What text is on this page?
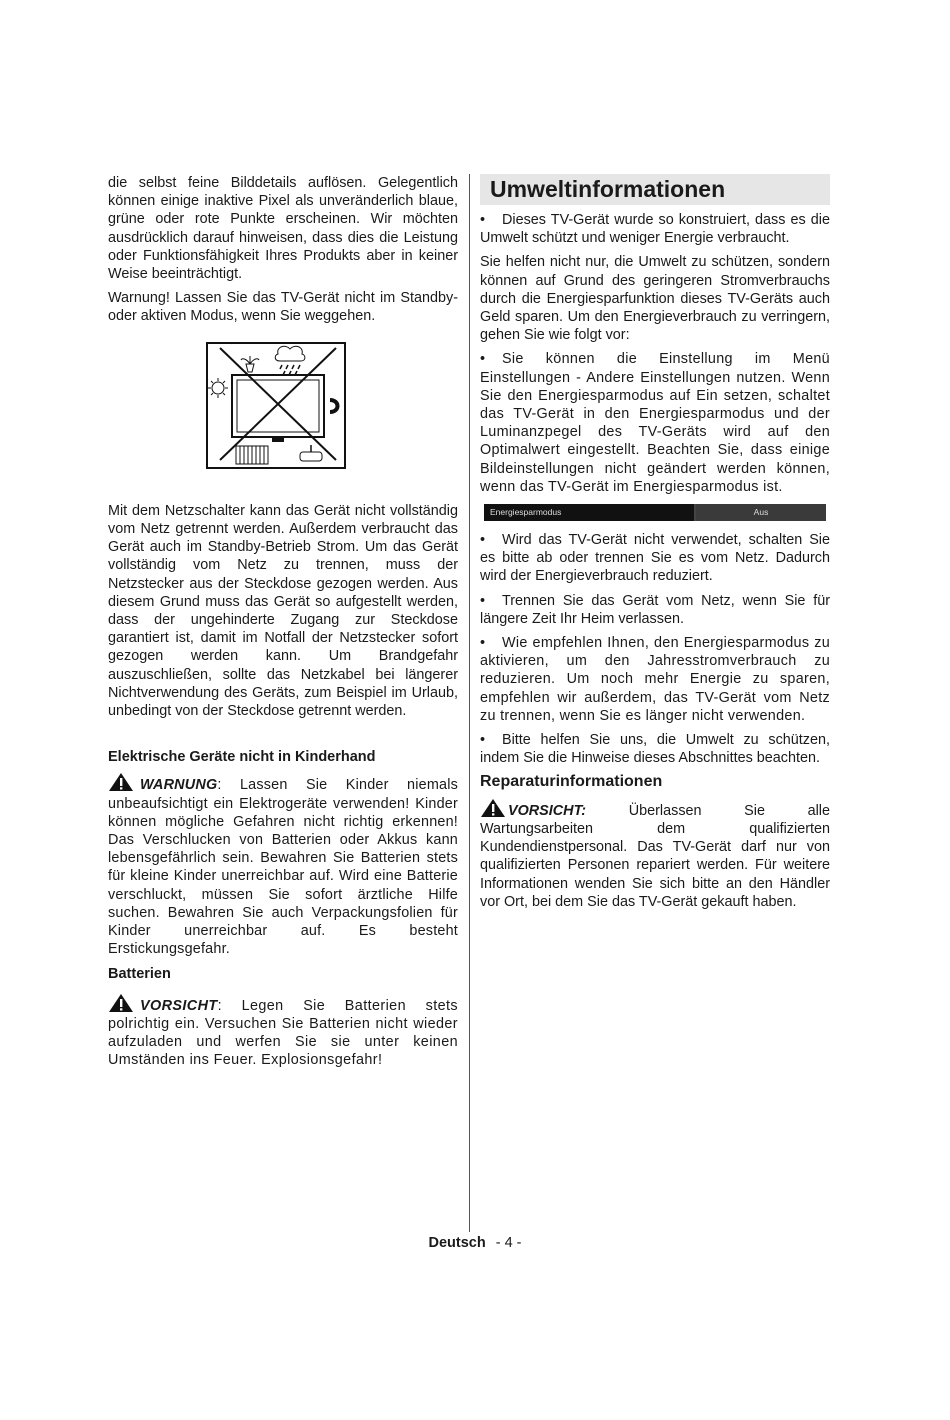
die selbst feine Bilddetails auflösen. Gelegentlich können einige inaktive Pixel als unveränderlich blaue, grüne oder rote Punkte erscheinen. Wir möchten ausdrücklich darauf hinweisen, dass dies die Leistung oder Funktionsfähigkeit Ihres Produkts aber in keiner Weise beeinträchtigt.

Warnung! Lassen Sie das TV-Gerät nicht im Standby- oder aktiven Modus, wenn Sie weggehen.

Mit dem Netzschalter kann das Gerät nicht vollständig vom Netz getrennt werden. Außerdem verbraucht das Gerät auch im Standby-Betrieb Strom. Um das Gerät vollständig vom Netz zu trennen, muss der Netzstecker aus der Steckdose gezogen werden. Aus diesem Grund muss das Gerät so aufgestellt werden, dass der ungehinderte Zugang zur Steckdose garantiert ist, damit im Notfall der Netzstecker sofort gezogen werden kann. Um Brandgefahr auszuschließen, sollte das Netzkabel bei längerer Nichtverwendung des Geräts, zum Beispiel im Urlaub, unbedingt von der Steckdose getrennt werden.

Elektrische Geräte nicht in Kinderhand

WARNUNG: Lassen Sie Kinder niemals unbeaufsichtigt ein Elektrogeräte verwenden! Kinder können mögliche Gefahren nicht richtig erkennen! Das Verschlucken von Batterien oder Akkus kann lebensgefährlich sein. Bewahren Sie Batterien stets für kleine Kinder unerreichbar auf. Wird eine Batterie verschluckt, müssen Sie sofort ärztliche Hilfe suchen. Bewahren Sie auch Verpackungsfolien für Kinder unerreichbar auf. Es besteht Erstickungsgefahr.

Batterien

VORSICHT: Legen Sie Batterien stets polrichtig ein. Versuchen Sie Batterien nicht wieder aufzuladen und werfen Sie sie unter keinen Umständen ins Feuer. Explosionsgefahr!

Umweltinformationen

• Dieses TV-Gerät wurde so konstruiert, dass es die Umwelt schützt und weniger Energie verbraucht.

Sie helfen nicht nur, die Umwelt zu schützen, sondern können auf Grund des geringeren Stromverbrauchs durch die Energiesparfunktion dieses TV-Geräts auch Geld sparen. Um den Energieverbrauch zu verringern, gehen Sie wie folgt vor:

• Sie können die Einstellung im Menü Einstellungen - Andere Einstellungen nutzen. Wenn Sie den Energiesparmodus auf Ein setzen, schaltet das TV-Gerät in den Energiesparmodus und der Luminanzpegel des TV-Geräts wird auf den Optimalwert eingestellt. Beachten Sie, dass einige Bildeinstellungen nicht geändert werden können, wenn das TV-Gerät im Energiesparmodus ist.

Energiesparmodus	Aus

• Wird das TV-Gerät nicht verwendet, schalten Sie es bitte ab oder trennen Sie es vom Netz. Dadurch wird der Energieverbrauch reduziert.

• Trennen Sie das Gerät vom Netz, wenn Sie für längere Zeit Ihr Heim verlassen.

• Wie empfehlen Ihnen, den Energiesparmodus zu aktivieren, um den Jahresstromverbrauch zu reduzieren. Um noch mehr Energie zu sparen, empfehlen wir außerdem, das TV-Gerät vom Netz zu trennen, wenn Sie es länger nicht verwenden.

• Bitte helfen Sie uns, die Umwelt zu schützen, indem Sie die Hinweise dieses Abschnittes beachten.

Reparaturinformationen

VORSICHT: Überlassen Sie alle Wartungsarbeiten dem qualifizierten Kundendienstpersonal. Das TV-Gerät darf nur von qualifizierten Personen repariert werden. Für weitere Informationen wenden Sie sich bitte an den Händler vor Ort, bei dem Sie das TV-Gerät gekauft haben.

Deutsch - 4 -
